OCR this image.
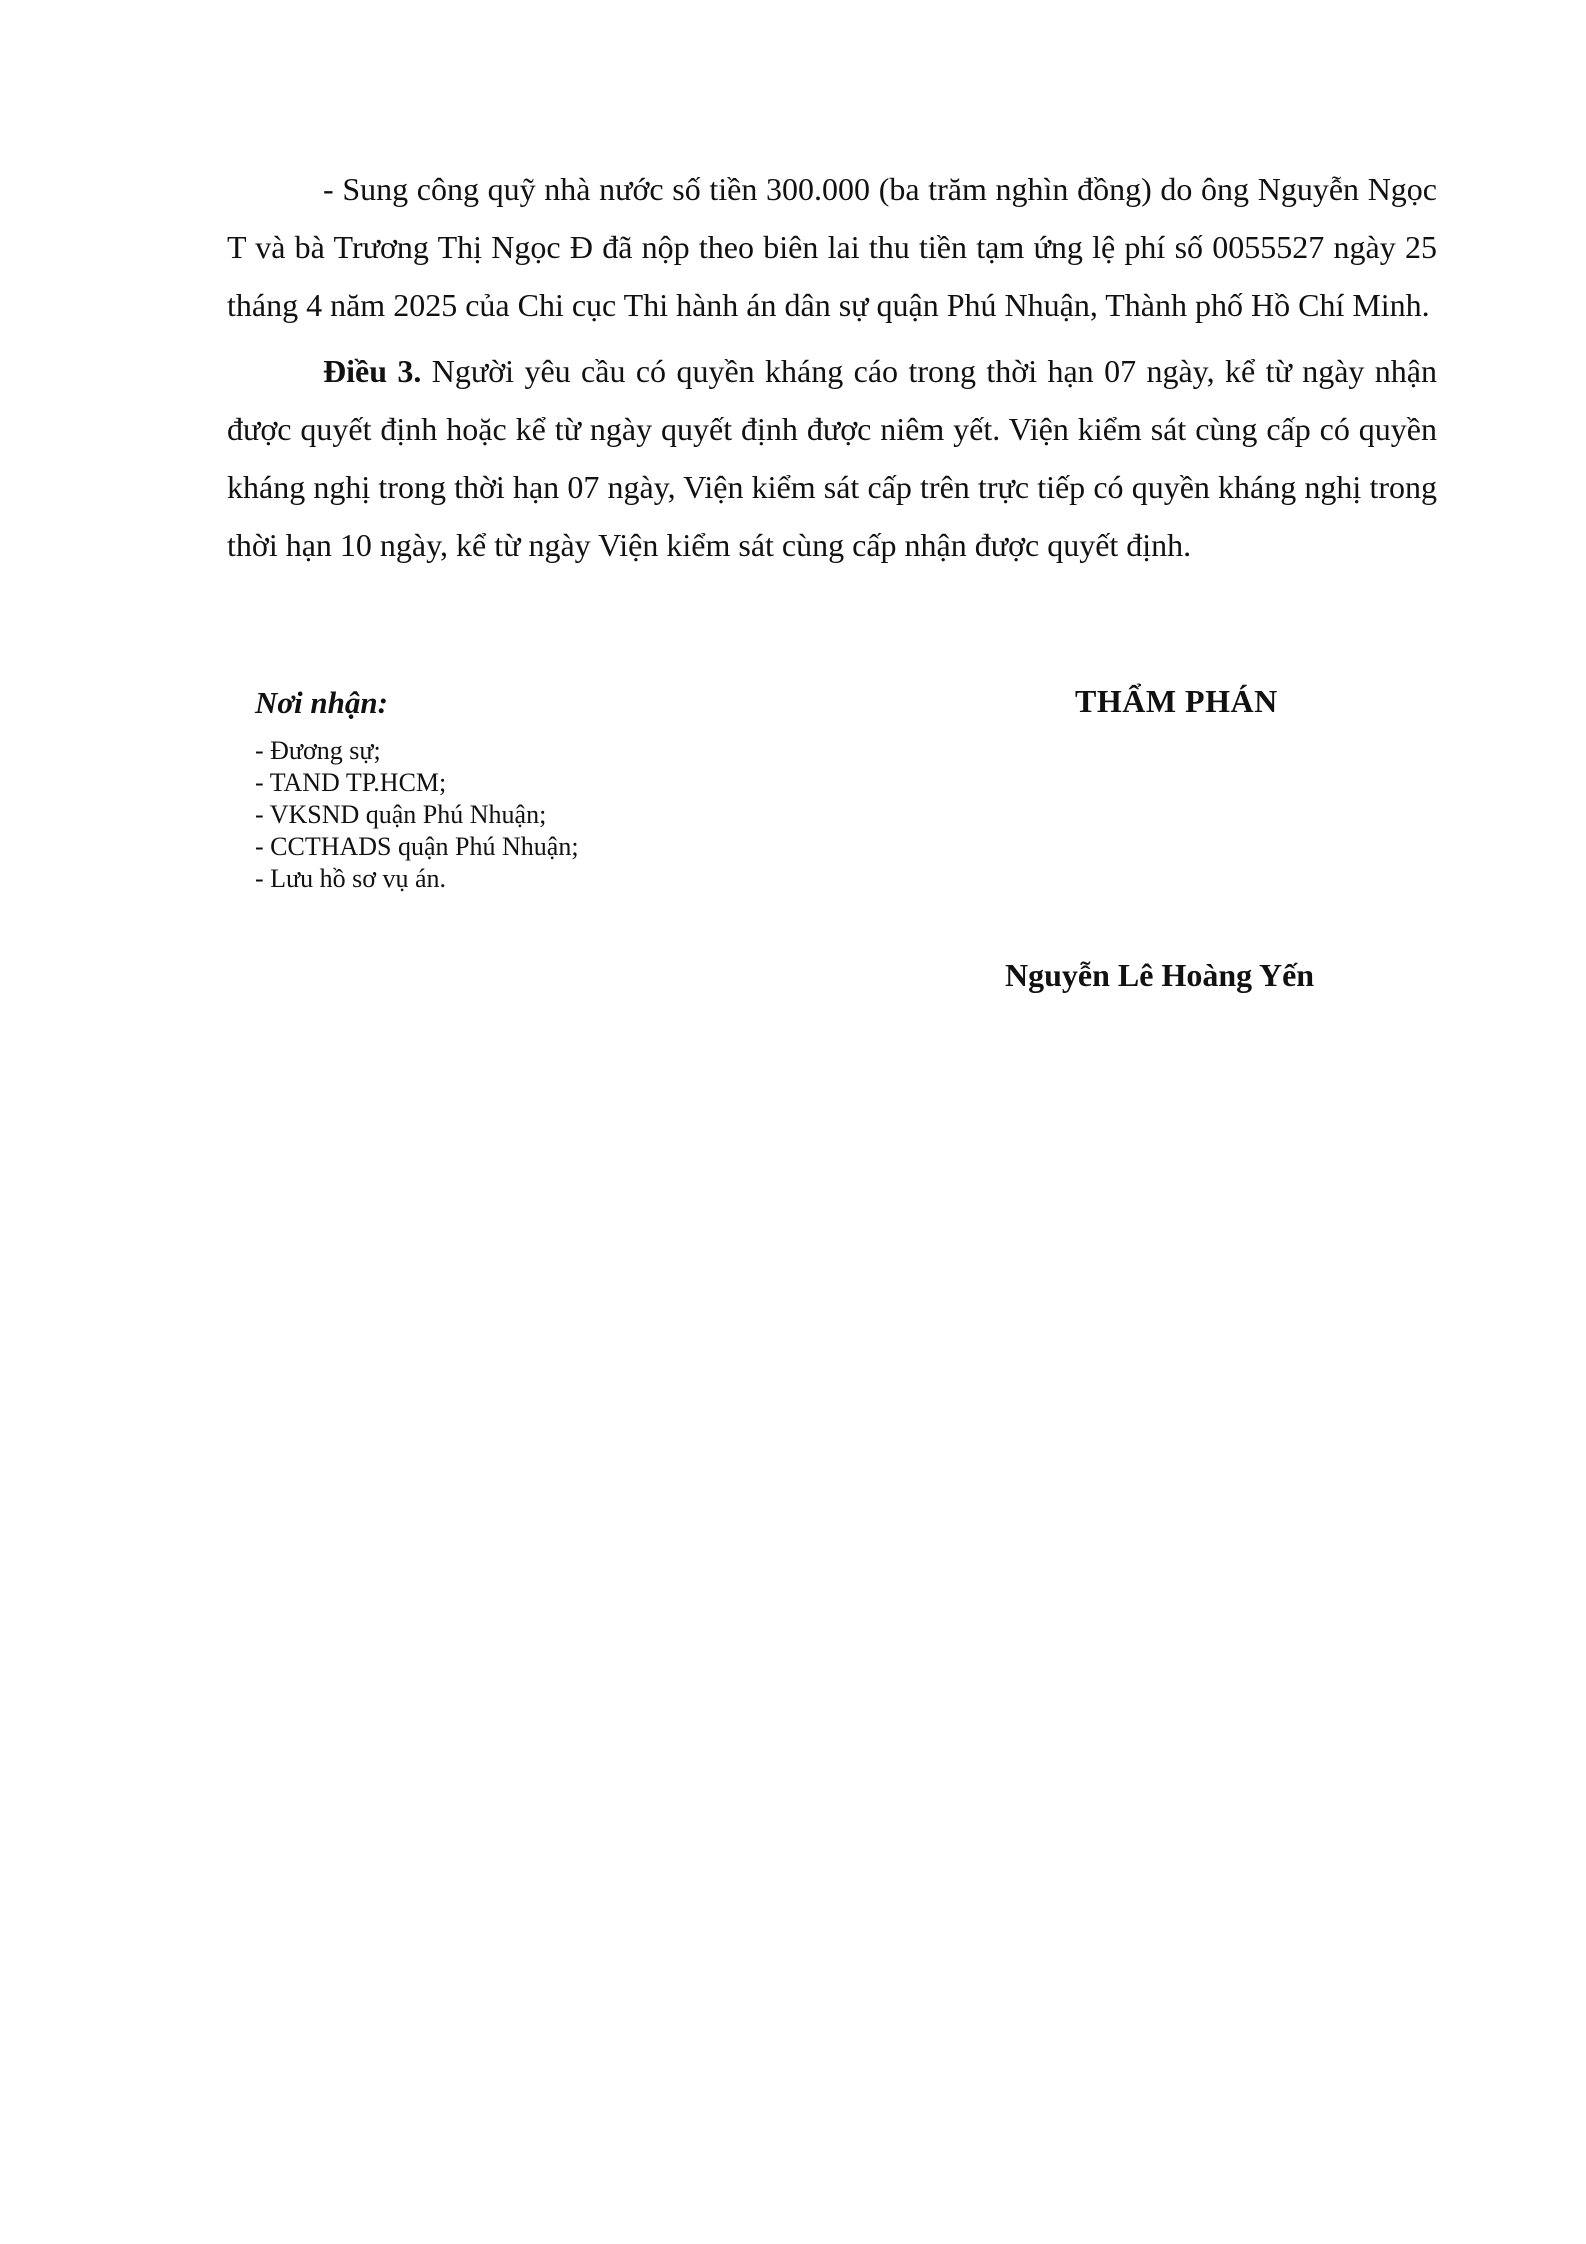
- Sung công quỹ nhà nước số tiền 300.000 (ba trăm nghìn đồng) do ông Nguyễn Ngọc T và bà Trương Thị Ngọc Đ đã nộp theo biên lai thu tiền tạm ứng lệ phí số 0055527 ngày 25 tháng 4 năm 2025 của Chi cục Thi hành án dân sự quận Phú Nhuận, Thành phố Hồ Chí Minh.

Điều 3. Người yêu cầu có quyền kháng cáo trong thời hạn 07 ngày, kể từ ngày nhận được quyết định hoặc kể từ ngày quyết định được niêm yết. Viện kiểm sát cùng cấp có quyền kháng nghị trong thời hạn 07 ngày, Viện kiểm sát cấp trên trực tiếp có quyền kháng nghị trong thời hạn 10 ngày, kể từ ngày Viện kiểm sát cùng cấp nhận được quyết định.

Nơi nhận:
- Đương sự;
- TAND TP.HCM;
- VKSND quận Phú Nhuận;
- CCTHADS quận Phú Nhuận;
- Lưu hồ sơ vụ án.
THẨM PHÁN
Nguyễn Lê Hoàng Yến
